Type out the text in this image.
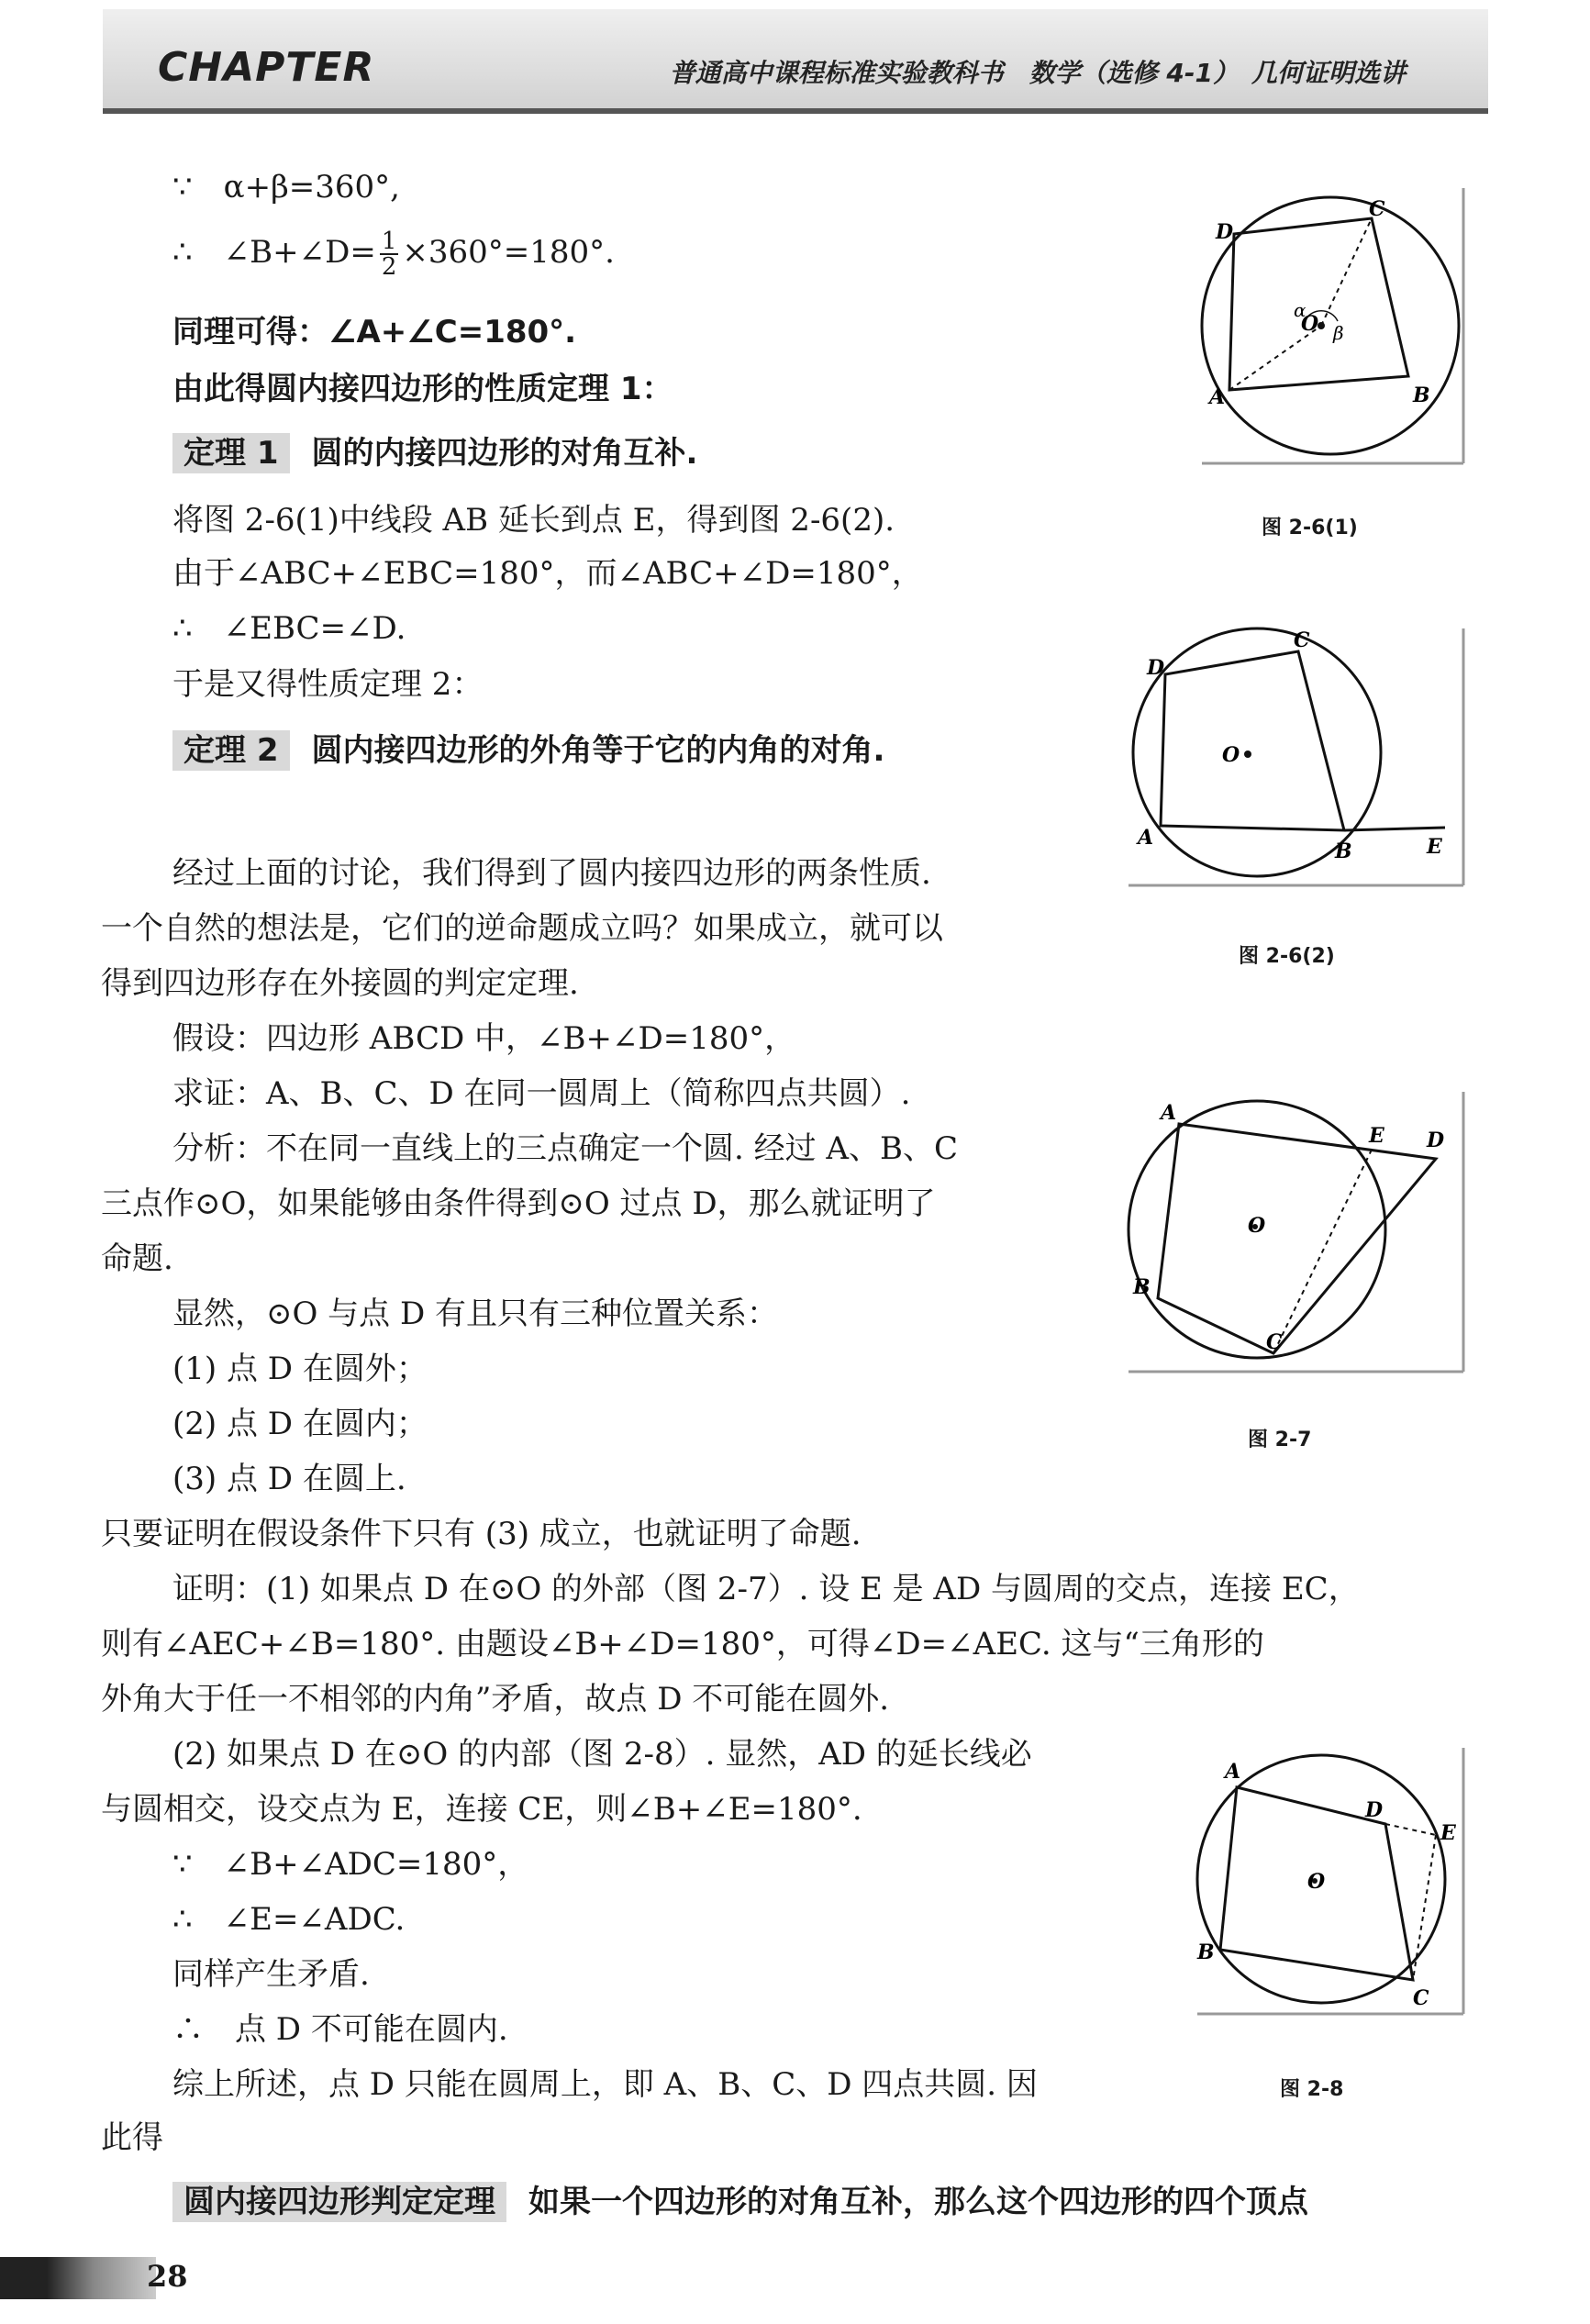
CHAPTER	普通高中课程标准实验教科书　数学（选修 4-1）　几何证明选讲
∵　α+β=360°,
∴　∠B+∠D= $\frac{1}{2} \times 360^\circ=180^\circ$.
同理可得：∠A+∠C=180°.
由此得圆内接四边形的性质定理 1：
定理 1 圆的内接四边形的对角互补.
将图 2-6(1)中线段 AB 延长到点 E，得到图 2-6(2).
由于∠ABC+∠EBC=180°，而∠ABC+∠D=180°，
∴　∠EBC=∠D.
于是又得性质定理 2：
定理 2 圆内接四边形的外角等于它的内角的对角.
经过上面的讨论，我们得到了圆内接四边形的两条性质.
一个自然的想法是，它们的逆命题成立吗？如果成立，就可以
得到四边形存在外接圆的判定定理.
假设：四边形 ABCD 中，∠B+∠D=180°，
求证：A、B、C、D 在同一圆周上（简称四点共圆）.
分析：不在同一直线上的三点确定一个圆. 经过 A、B、C
三点作⊙O，如果能够由条件得到⊙O 过点 D，那么就证明了
命题.
显然，⊙O 与点 D 有且只有三种位置关系：
(1) 点 D 在圆外；
(2) 点 D 在圆内；
(3) 点 D 在圆上.
只要证明在假设条件下只有 (3) 成立，也就证明了命题.
证明：(1) 如果点 D 在⊙O 的外部（图 2-7）. 设 E 是 AD 与圆周的交点，连接 EC，
则有∠AEC+∠B=180°. 由题设∠B+∠D=180°，可得∠D=∠AEC. 这与“三角形的
外角大于任一不相邻的内角”矛盾，故点 D 不可能在圆外.
(2) 如果点 D 在⊙O 的内部（图 2-8）. 显然，AD 的延长线必
与圆相交，设交点为 E，连接 CE，则∠B+∠E=180°.
∵　∠B+∠ADC=180°，
∴　∠E=∠ADC.
同样产生矛盾.
∴　点 D 不可能在圆内.
综上所述，点 D 只能在圆周上，即 A、B、C、D 四点共圆. 因
此得
圆内接四边形判定定理 如果一个四边形的对角互补，那么这个四边形的四个顶点
D
C
A	B
O
α
β
图 2-6(1)
D
C
A
B	E
O
图 2-6(2)
A
E D
B
C
O
图 2-7
A
D
E
B
C
O
图 2-8
28
